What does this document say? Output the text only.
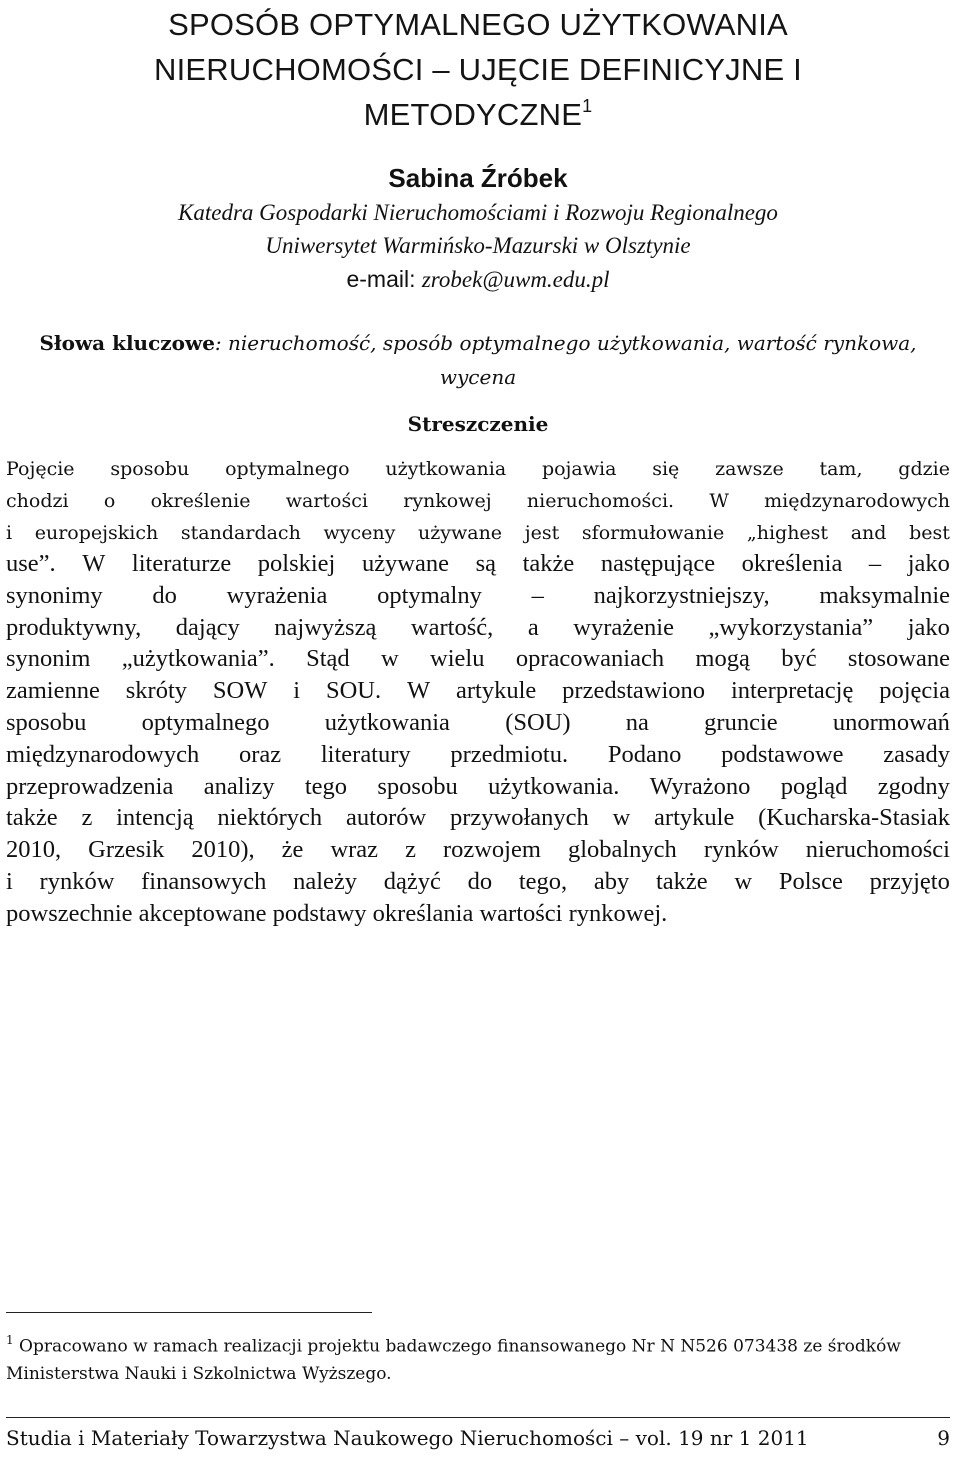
SPOSÓB OPTYMALNEGO UŻYTKOWANIA
NIERUCHOMOŚCI – UJĘCIE DEFINICYJNE I
METODYCZNE$^1$
Sabina Źróbek
Katedra Gospodarki Nieruchomościami i Rozwoju Regionalnego
Uniwersytet Warmińsko-Mazurski w Olsztynie
e-mail: zrobek@uwm.edu.pl
Słowa kluczowe: nieruchomość, sposób optymalnego użytkowania, wartość rynkowa, wycena
Streszczenie
Pojęcie sposobu optymalnego użytkowania pojawia się zawsze tam, gdzie
chodzi o określenie wartości rynkowej nieruchomości. W międzynarodowych
i europejskich standardach wyceny używane jest sformułowanie „highest and best
use”. W literaturze polskiej używane są także następujące określenia – jako
synonimy do wyrażenia optymalny – najkorzystniejszy, maksymalnie
produktywny, dający najwyższą wartość, a wyrażenie „wykorzystania” jako
synonim „użytkowania”. Stąd w wielu opracowaniach mogą być stosowane
zamienne skróty SOW i SOU. W artykule przedstawiono interpretację pojęcia
sposobu optymalnego użytkowania (SOU) na gruncie unormowań
międzynarodowych oraz literatury przedmiotu. Podano podstawowe zasady
przeprowadzenia analizy tego sposobu użytkowania. Wyrażono pogląd zgodny
także z intencją niektórych autorów przywołanych w artykule (Kucharska-Stasiak
2010, Grzesik 2010), że wraz z rozwojem globalnych rynków nieruchomości
i rynków finansowych należy dążyć do tego, aby także w Polsce przyjęto
powszechnie akceptowane podstawy określania wartości rynkowej.
$^1$ Opracowano w ramach realizacji projektu badawczego finansowanego Nr N N526 073438 ze środków
Ministerstwa Nauki i Szkolnictwa Wyższego.
Studia i Materiały Towarzystwa Naukowego Nieruchomości – vol. 19 nr 1 2011	9
